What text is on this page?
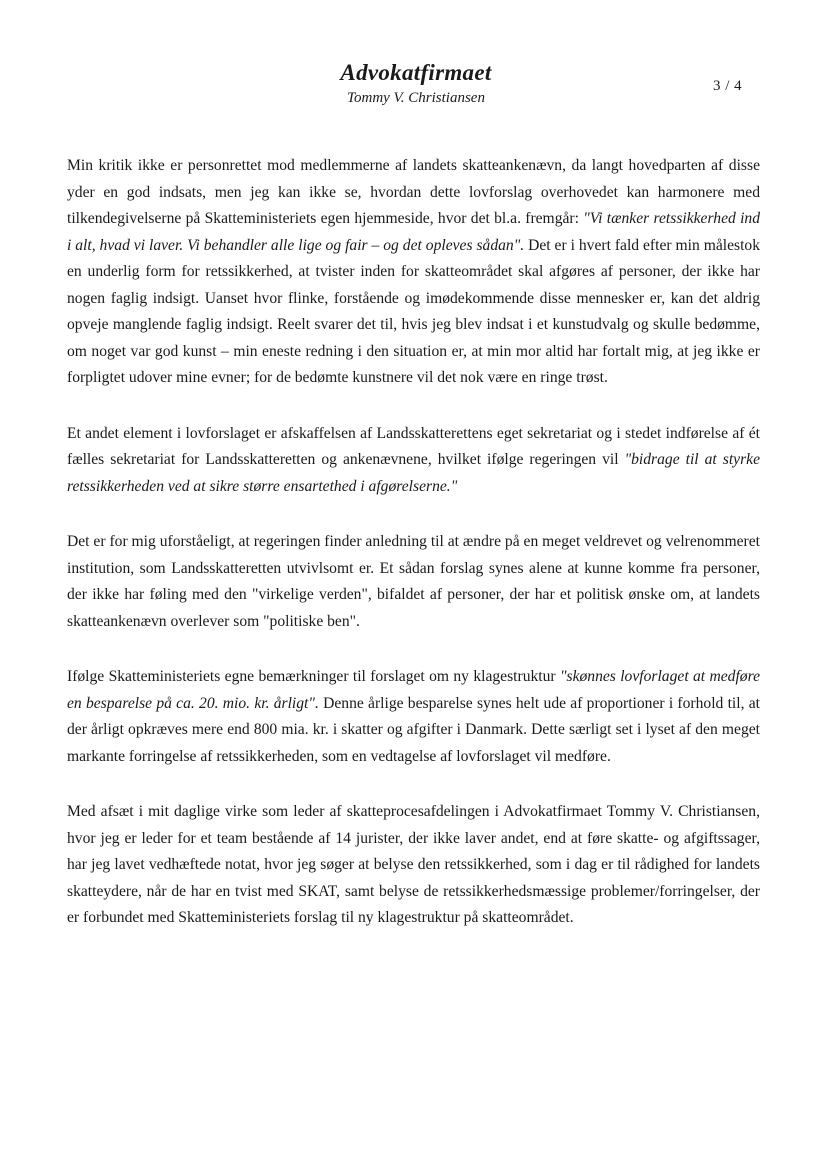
Advokatfirmaet
Tommy V. Christiansen
3 / 4

Min kritik ikke er personrettet mod medlemmerne af landets skatteankenævn, da langt hovedparten af disse yder en god indsats, men jeg kan ikke se, hvordan dette lovforslag overhovedet kan harmonere med tilkendegivelserne på Skatteministeriets egen hjemmeside, hvor det bl.a. fremgår: "Vi tænker retssikkerhed ind i alt, hvad vi laver. Vi behandler alle lige og fair – og det opleves sådan". Det er i hvert fald efter min målestok en underlig form for retssikkerhed, at tvister inden for skatteområdet skal afgøres af personer, der ikke har nogen faglig indsigt. Uanset hvor flinke, forstående og imødekommende disse mennesker er, kan det aldrig opveje manglende faglig indsigt. Reelt svarer det til, hvis jeg blev indsat i et kunstudvalg og skulle bedømme, om noget var god kunst – min eneste redning i den situation er, at min mor altid har fortalt mig, at jeg ikke er forpligtet udover mine evner; for de bedømte kunstnere vil det nok være en ringe trøst.

Et andet element i lovforslaget er afskaffelsen af Landsskatterettens eget sekretariat og i stedet indførelse af ét fælles sekretariat for Landsskatteretten og ankenævnene, hvilket ifølge regeringen vil "bidrage til at styrke retssikkerheden ved at sikre større ensartethed i afgørelserne."

Det er for mig uforståeligt, at regeringen finder anledning til at ændre på en meget veldrevet og velrenommeret institution, som Landsskatteretten utvivlsomt er. Et sådan forslag synes alene at kunne komme fra personer, der ikke har føling med den "virkelige verden", bifaldet af personer, der har et politisk ønske om, at landets skatteankenævn overlever som "politiske ben".

Ifølge Skatteministeriets egne bemærkninger til forslaget om ny klagestruktur "skønnes lovforlaget at medføre en besparelse på ca. 20. mio. kr. årligt". Denne årlige besparelse synes helt ude af proportioner i forhold til, at der årligt opkræves mere end 800 mia. kr. i skatter og afgifter i Danmark. Dette særligt set i lyset af den meget markante forringelse af retssikkerheden, som en vedtagelse af lovforslaget vil medføre.

Med afsæt i mit daglige virke som leder af skatteprocesafdelingen i Advokatfirmaet Tommy V. Christiansen, hvor jeg er leder for et team bestående af 14 jurister, der ikke laver andet, end at føre skatte- og afgiftssager, har jeg lavet vedhæftede notat, hvor jeg søger at belyse den retssikkerhed, som i dag er til rådighed for landets skatteydere, når de har en tvist med SKAT, samt belyse de retssikkerhedsmæssige problemer/forringelser, der er forbundet med Skatteministeriets forslag til ny klagestruktur på skatteområdet.
